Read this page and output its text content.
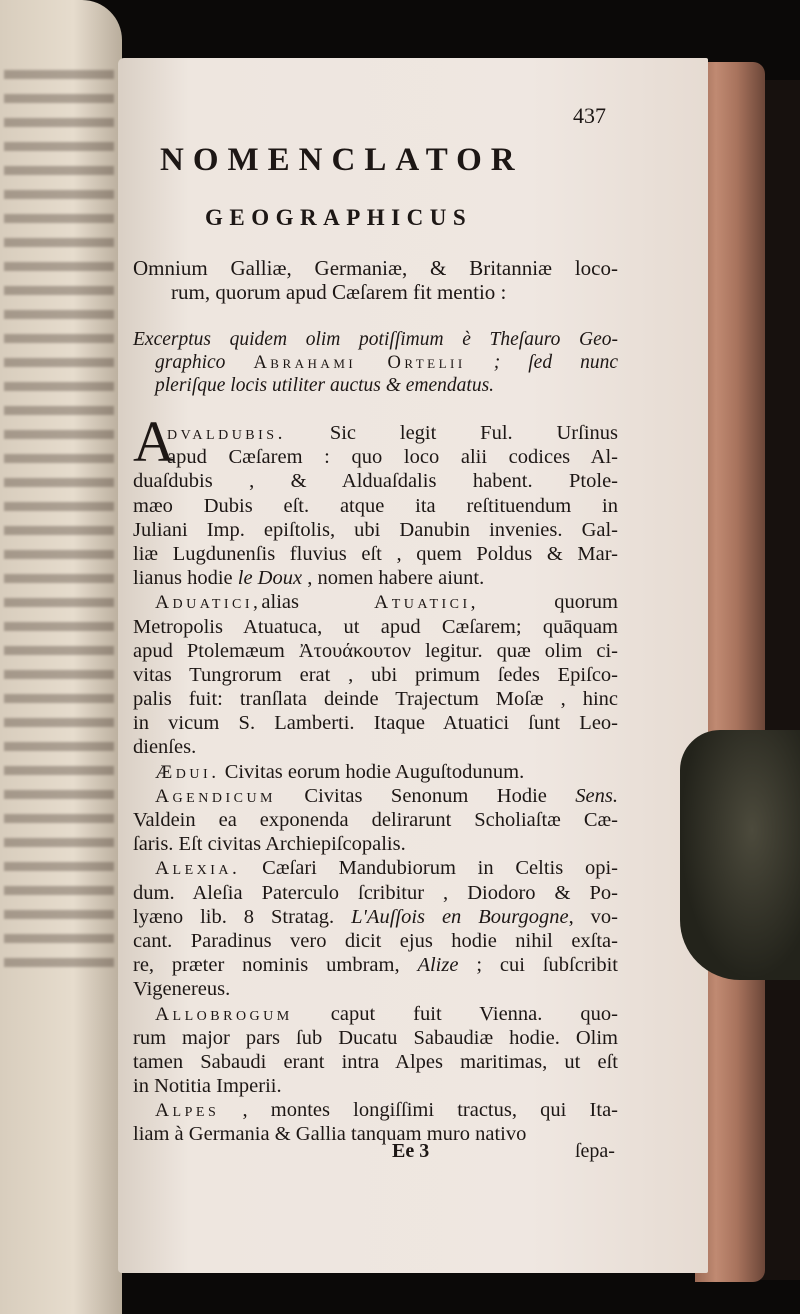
437
NOMENCLATOR
GEOGRAPHICUS
Omnium Galliæ, Germaniæ, & Britanniæ loco-
rum, quorum apud Cæſarem fit mentio :
Excerptus quidem olim potiſſimum è Theſauro Geo-
graphico Abrahami Ortelii ; ſed nunc
pleriſque locis utiliter auctus & emendatus.
A
dvaldubis. Sic legit Ful. Urſinus
apud Cæſarem : quo loco alii codices Al-
duaſdubis , & Alduaſdalis habent. Ptole-
mæo Dubis eſt. atque ita reſtituendum in
Juliani Imp. epiſtolis, ubi Danubin invenies. Gal-
liæ Lugdunenſis fluvius eſt , quem Poldus & Mar-
lianus hodie le Doux , nomen habere aiunt.
Aduatici,alias Atuatici, quorum
Metropolis Atuatuca, ut apud Cæſarem; quāquam
apud Ptolemæum Ἀτουάκουτον legitur. quæ olim ci-
vitas Tungrorum erat , ubi primum ſedes Epiſco-
palis fuit: tranſlata deinde Trajectum Moſæ , hinc
in vicum S. Lamberti. Itaque Atuatici ſunt Leo-
dienſes.
Ædui. Civitas eorum hodie Auguſtodunum.
Agendicum Civitas Senonum Hodie Sens.
Valdein ea exponenda delirarunt Scholiaſtæ Cæ-
ſaris. Eſt civitas Archiepiſcopalis.
Alexia. Cæſari Mandubiorum in Celtis opi-
dum. Aleſia Paterculo ſcribitur , Diodoro & Po-
lyæno lib. 8 Stratag. L'Auſſois en Bourgogne, vo-
cant. Paradinus vero dicit ejus hodie nihil exſta-
re, præter nominis umbram, Alize ; cui ſubſcribit
Vigenereus.
Allobrogum caput fuit Vienna. quo-
rum major pars ſub Ducatu Sabaudiæ hodie. Olim
tamen Sabaudi erant intra Alpes maritimas, ut eſt
in Notitia Imperii.
Alpes , montes longiſſimi tractus, qui Ita-
liam à Germania & Gallia tanquam muro nativo
Ee 3	ſepa-
